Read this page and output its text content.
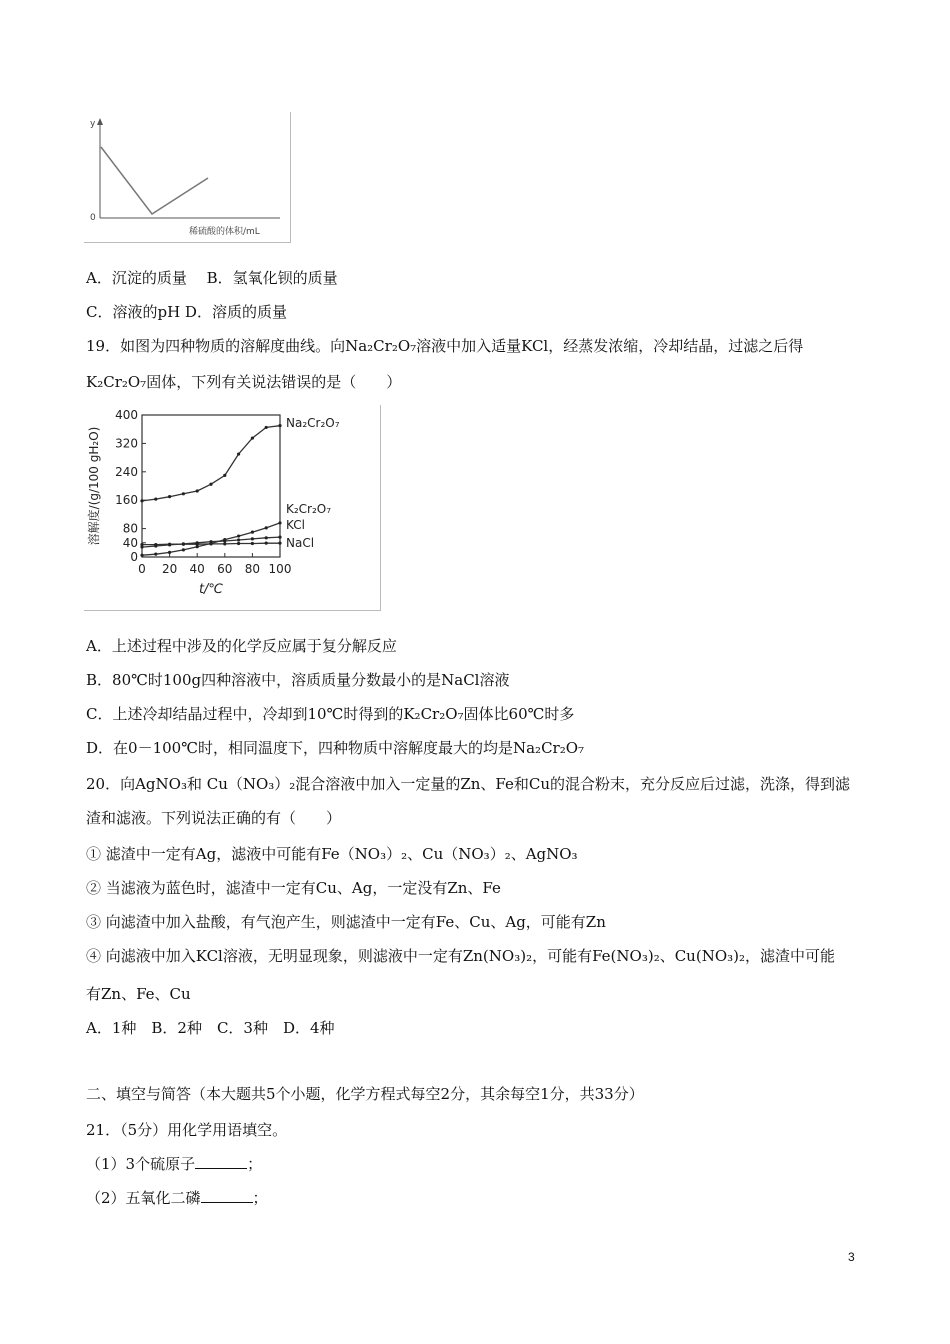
y
0
稀硫酸的体积/mL
A．沉淀的质量　 B．氢氧化钡的质量
C．溶液的pH D．溶质的质量
19．如图为四种物质的溶解度曲线。向Na₂Cr₂O₇溶液中加入适量KCl，经蒸发浓缩，冷却结晶，过滤之后得
K₂Cr₂O₇固体，下列有关说法错误的是（　　）
0
40
80
160
240
320
400
0 20 40 60 80 100
t/℃
溶解度/(g/100 gH₂O)
Na₂Cr₂O₇
K₂Cr₂O₇
KCl
NaCl
A．上述过程中涉及的化学反应属于复分解反应
B．80℃时100g四种溶液中，溶质质量分数最小的是NaCl溶液
C．上述冷却结晶过程中，冷却到10℃时得到的K₂Cr₂O₇固体比60℃时多
D．在0－100℃时，相同温度下，四种物质中溶解度最大的均是Na₂Cr₂O₇
20．向AgNO₃和 Cu（NO₃）₂混合溶液中加入一定量的Zn、Fe和Cu的混合粉末，充分反应后过滤，洗涤，得到滤
渣和滤液。下列说法正确的有（　　）
① 滤渣中一定有Ag，滤液中可能有Fe（NO₃）₂、Cu（NO₃）₂、AgNO₃
② 当滤液为蓝色时，滤渣中一定有Cu、Ag，一定没有Zn、Fe
③ 向滤渣中加入盐酸，有气泡产生，则滤渣中一定有Fe、Cu、Ag，可能有Zn
④ 向滤液中加入KCl溶液，无明显现象，则滤液中一定有Zn(NO₃)₂，可能有Fe(NO₃)₂、Cu(NO₃)₂，滤渣中可能
有Zn、Fe、Cu
A．1种　B．2种　C．3种　D．4种
二、填空与简答（本大题共5个小题，化学方程式每空2分，其余每空1分，共33分）
21．（5分）用化学用语填空。
（1）3个硫原子	；
（2）五氧化二磷	；
3
